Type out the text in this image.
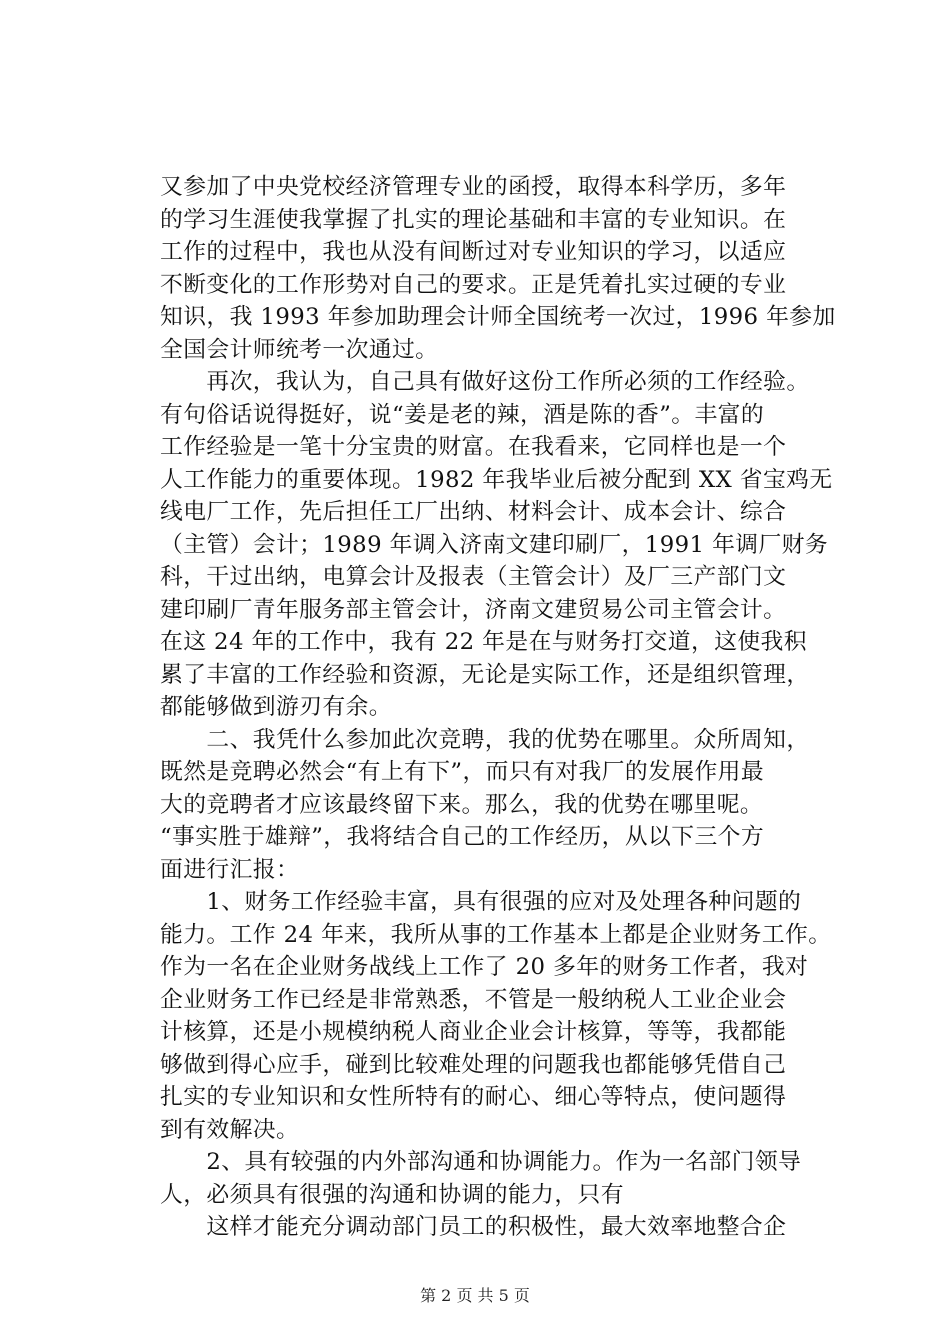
又参加了中央党校经济管理专业的函授，取得本科学历，多年
的学习生涯使我掌握了扎实的理论基础和丰富的专业知识。在
工作的过程中，我也从没有间断过对专业知识的学习，以适应
不断变化的工作形势对自己的要求。正是凭着扎实过硬的专业
知识，我 1993 年参加助理会计师全国统考一次过，1996 年参加
全国会计师统考一次通过。
　　再次，我认为，自己具有做好这份工作所必须的工作经验。
有句俗话说得挺好，说“姜是老的辣，酒是陈的香”。丰富的
工作经验是一笔十分宝贵的财富。在我看来，它同样也是一个
人工作能力的重要体现。1982 年我毕业后被分配到 XX 省宝鸡无
线电厂工作，先后担任工厂出纳、材料会计、成本会计、综合
（主管）会计；1989 年调入济南文建印刷厂，1991 年调厂财务
科，干过出纳，电算会计及报表（主管会计）及厂三产部门文
建印刷厂青年服务部主管会计，济南文建贸易公司主管会计。
在这 24 年的工作中，我有 22 年是在与财务打交道，这使我积
累了丰富的工作经验和资源，无论是实际工作，还是组织管理，
都能够做到游刃有余。
　　二、我凭什么参加此次竞聘，我的优势在哪里。众所周知，
既然是竞聘必然会“有上有下”，而只有对我厂的发展作用最
大的竞聘者才应该最终留下来。那么，我的优势在哪里呢。
“事实胜于雄辩”，我将结合自己的工作经历，从以下三个方
面进行汇报：
　　1、财务工作经验丰富，具有很强的应对及处理各种问题的
能力。工作 24 年来，我所从事的工作基本上都是企业财务工作。
作为一名在企业财务战线上工作了 20 多年的财务工作者，我对
企业财务工作已经是非常熟悉，不管是一般纳税人工业企业会
计核算，还是小规模纳税人商业企业会计核算，等等，我都能
够做到得心应手，碰到比较难处理的问题我也都能够凭借自己
扎实的专业知识和女性所特有的耐心、细心等特点，使问题得
到有效解决。
　　2、具有较强的内外部沟通和协调能力。作为一名部门领导
人，必须具有很强的沟通和协调的能力，只有
　　这样才能充分调动部门员工的积极性，最大效率地整合企
第 2 页 共 5 页
